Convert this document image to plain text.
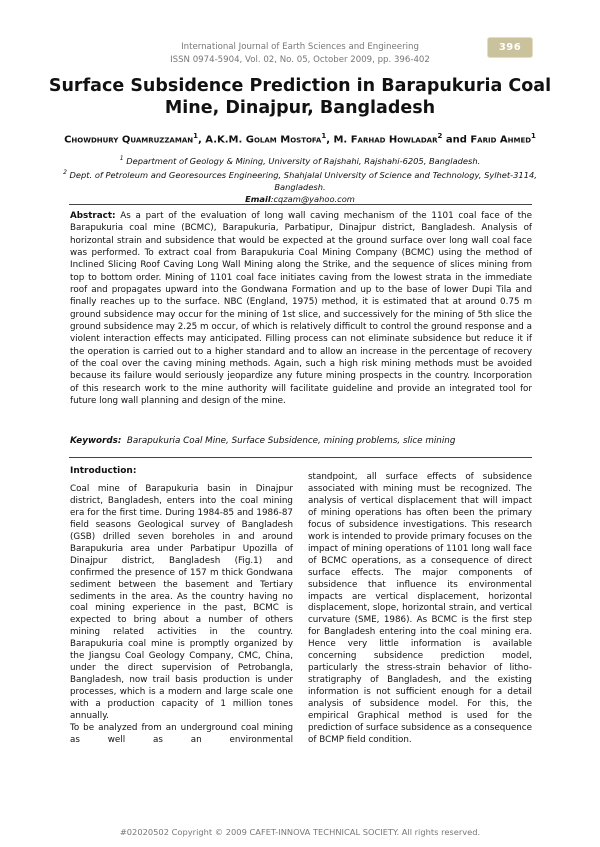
International Journal of Earth Sciences and Engineering
ISSN 0974-5904, Vol. 02, No. 05, October 2009, pp. 396-402
396
Surface Subsidence Prediction in Barapukuria Coal Mine, Dinajpur, Bangladesh
Chowdhury Quamruzzaman$^1$, A.K.M. Golam Mostofa$^1$, M. Farhad Howladar$^2$ and Farid Ahmed$^1$
$^1$ Department of Geology & Mining, University of Rajshahi, Rajshahi-6205, Bangladesh.
$^2$ Dept. of Petroleum and Georesources Engineering, Shahjalal University of Science and Technology, Sylhet-3114, Bangladesh.
Email:cqzam@yahoo.com
Abstract: As a part of the evaluation of long wall caving mechanism of the 1101 coal face of the Barapukuria coal mine (BCMC), Barapukuria, Parbatipur, Dinajpur district, Bangladesh. Analysis of horizontal strain and subsidence that would be expected at the ground surface over long wall coal face was performed. To extract coal from Barapukuria Coal Mining Company (BCMC) using the method of Inclined Slicing Roof Caving Long Wall Mining along the Strike, and the sequence of slices mining from top to bottom order. Mining of 1101 coal face initiates caving from the lowest strata in the immediate roof and propagates upward into the Gondwana Formation and up to the base of lower Dupi Tila and finally reaches up to the surface. NBC (England, 1975) method, it is estimated that at around 0.75 m ground subsidence may occur for the mining of 1st slice, and successively for the mining of 5th slice the ground subsidence may 2.25 m occur, of which is relatively difficult to control the ground response and a violent interaction effects may anticipated. Filling process can not eliminate subsidence but reduce it if the operation is carried out to a higher standard and to allow an increase in the percentage of recovery of the coal over the caving mining methods. Again, such a high risk mining methods must be avoided because its failure would seriously jeopardize any future mining prospects in the country. Incorporation of this research work to the mine authority will facilitate guideline and provide an integrated tool for future long wall planning and design of the mine.
Keywords: Barapukuria Coal Mine, Surface Subsidence, mining problems, slice mining

Introduction:

Coal mine of Barapukuria basin in Dinajpur district, Bangladesh, enters into the coal mining era for the first time. During 1984-85 and 1986-87 field seasons Geological survey of Bangladesh (GSB) drilled seven boreholes in and around Barapukuria area under Parbatipur Upozilla of Dinajpur district, Bangladesh (Fig.1) and confirmed the presence of 157 m thick Gondwana sediment between the basement and Tertiary sediments in the area. As the country having no coal mining experience in the past, BCMC is expected to bring about a number of others mining related activities in the country. Barapukuria coal mine is promptly organized by the Jiangsu Coal Geology Company, CMC, China, under the direct supervision of Petrobangla, Bangladesh, now trail basis production is under processes, which is a modern and large scale one with a production capacity of 1 million tones annually.

To be analyzed from an underground coal mining as well as an environmental

standpoint, all surface effects of subsidence associated with mining must be recognized. The analysis of vertical displacement that will impact of mining operations has often been the primary focus of subsidence investigations. This research work is intended to provide primary focuses on the impact of mining operations of 1101 long wall face of BCMC operations, as a consequence of direct surface effects. The major components of subsidence that influence its environmental impacts are vertical displacement, horizontal displacement, slope, horizontal strain, and vertical curvature (SME, 1986). As BCMC is the first step for Bangladesh entering into the coal mining era. Hence very little information is available concerning subsidence prediction model, particularly the stress-strain behavior of litho-stratigraphy of Bangladesh, and the existing information is not sufficient enough for a detail analysis of subsidence model. For this, the empirical Graphical method is used for the prediction of surface subsidence as a consequence of BCMP field condition.

#02020502 Copyright © 2009 CAFET-INNOVA TECHNICAL SOCIETY. All rights reserved.
